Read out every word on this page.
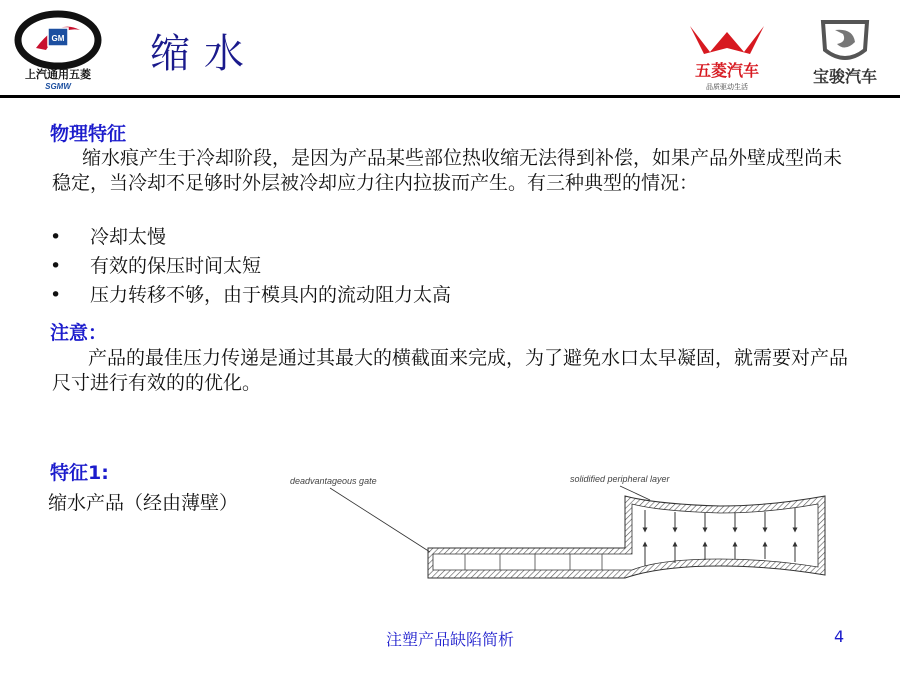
GM
上汽通用五菱
SGMW
缩水	五菱汽车
品质驱动生活
宝骏汽车
物理特征
缩水痕产生于冷却阶段，是因为产品某些部位热收缩无法得到补偿，如果产品外壁成型尚未稳定，当冷却不足够时外层被冷却应力往内拉拔而产生。有三种典型的情况：
•	冷却太慢
•	有效的保压时间太短
•	压力转移不够，由于模具内的流动阻力太高
注意：
产品的最佳压力传递是通过其最大的横截面来完成，为了避免水口太早凝固，就需要对产品尺寸进行有效的的优化。
特征1:
缩水产品（经由薄壁）
deadvantageous gate	solidified peripheral layer
注塑产品缺陷简析	4
